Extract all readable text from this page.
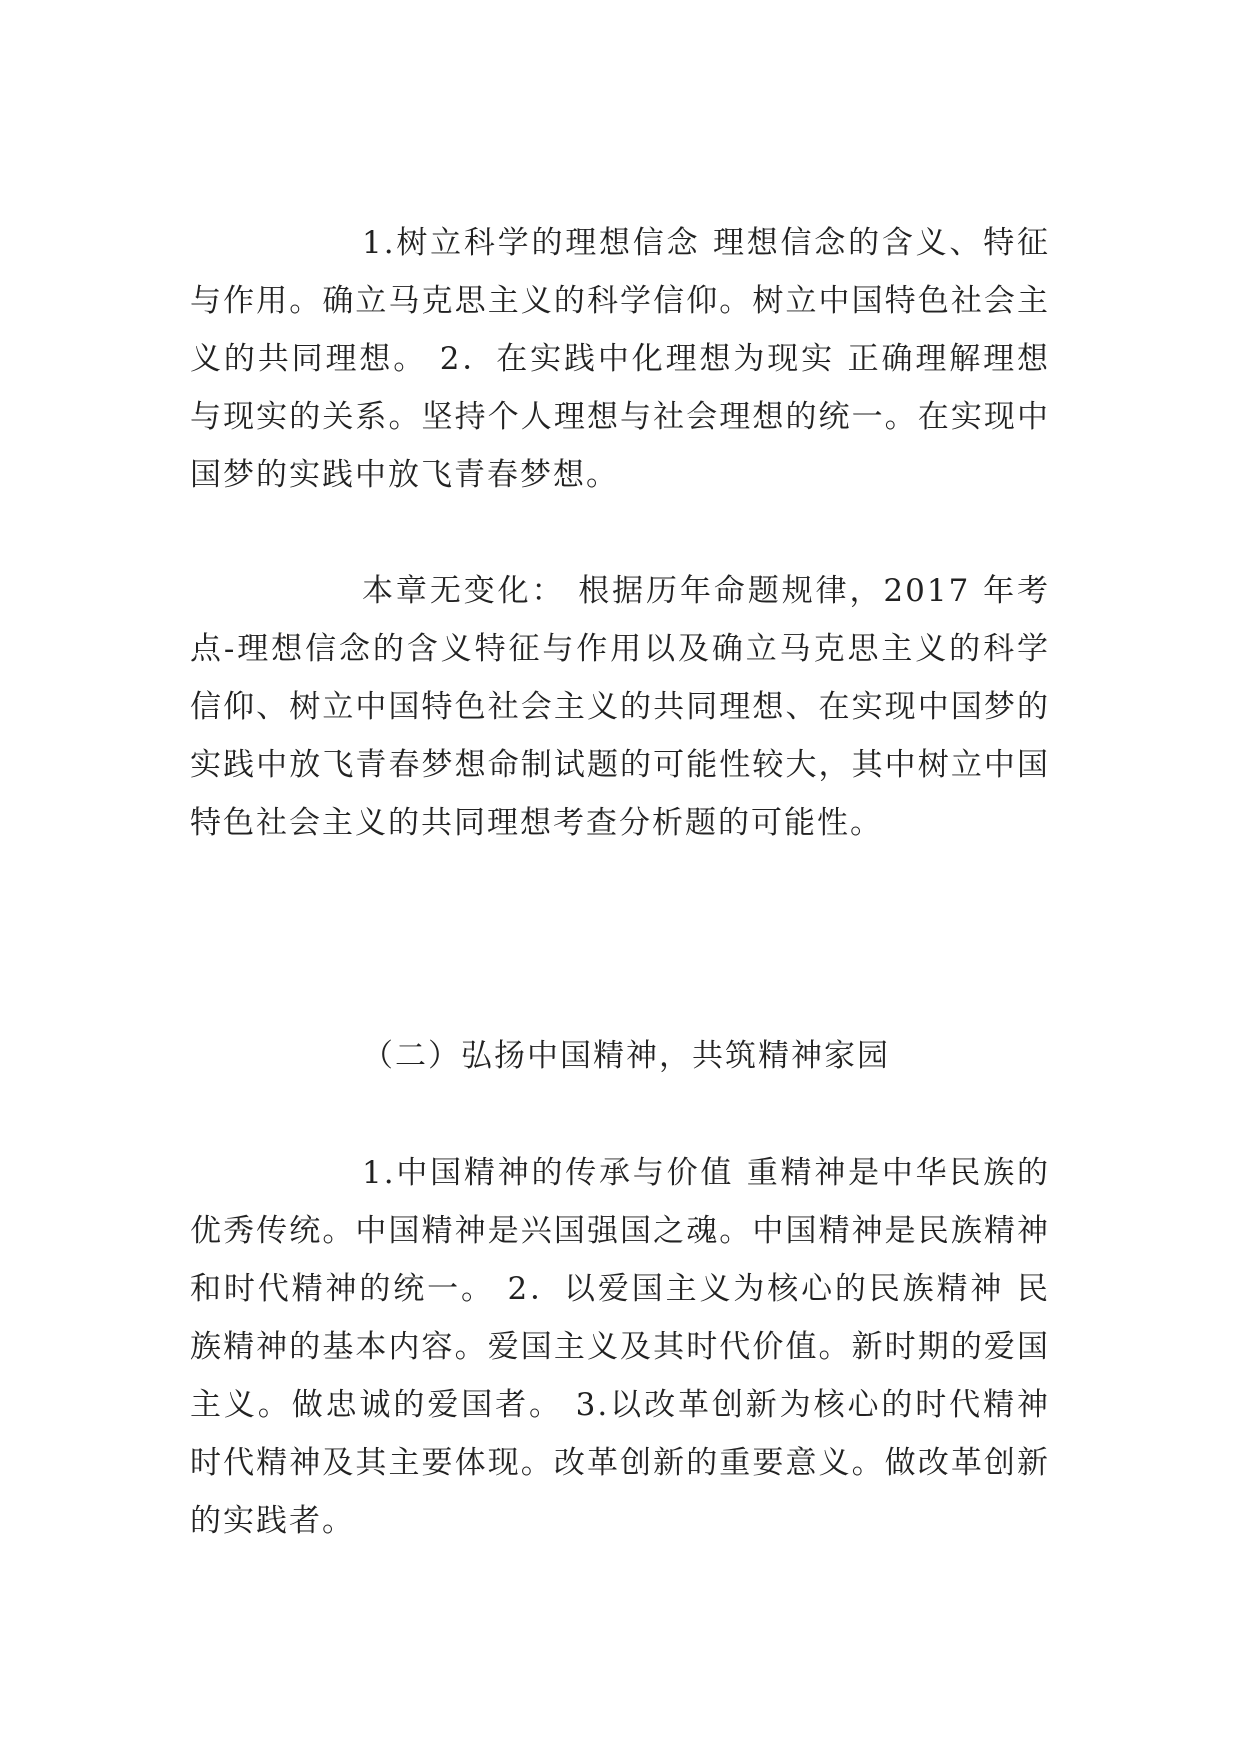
1.树立科学的理想信念 理想信念的含义、特征与作用。确立马克思主义的科学信仰。树立中国特色社会主义的共同理想。 2．在实践中化理想为现实 正确理解理想与现实的关系。坚持个人理想与社会理想的统一。在实现中国梦的实践中放飞青春梦想。

本章无变化： 根据历年命题规律，2017 年考点-理想信念的含义特征与作用以及确立马克思主义的科学信仰、树立中国特色社会主义的共同理想、在实现中国梦的实践中放飞青春梦想命制试题的可能性较大，其中树立中国特色社会主义的共同理想考查分析题的可能性。

（二）弘扬中国精神，共筑精神家园

1.中国精神的传承与价值 重精神是中华民族的优秀传统。中国精神是兴国强国之魂。中国精神是民族精神和时代精神的统一。 2．以爱国主义为核心的民族精神 民族精神的基本内容。爱国主义及其时代价值。新时期的爱国主义。做忠诚的爱国者。 3.以改革创新为核心的时代精神 时代精神及其主要体现。改革创新的重要意义。做改革创新的实践者。
